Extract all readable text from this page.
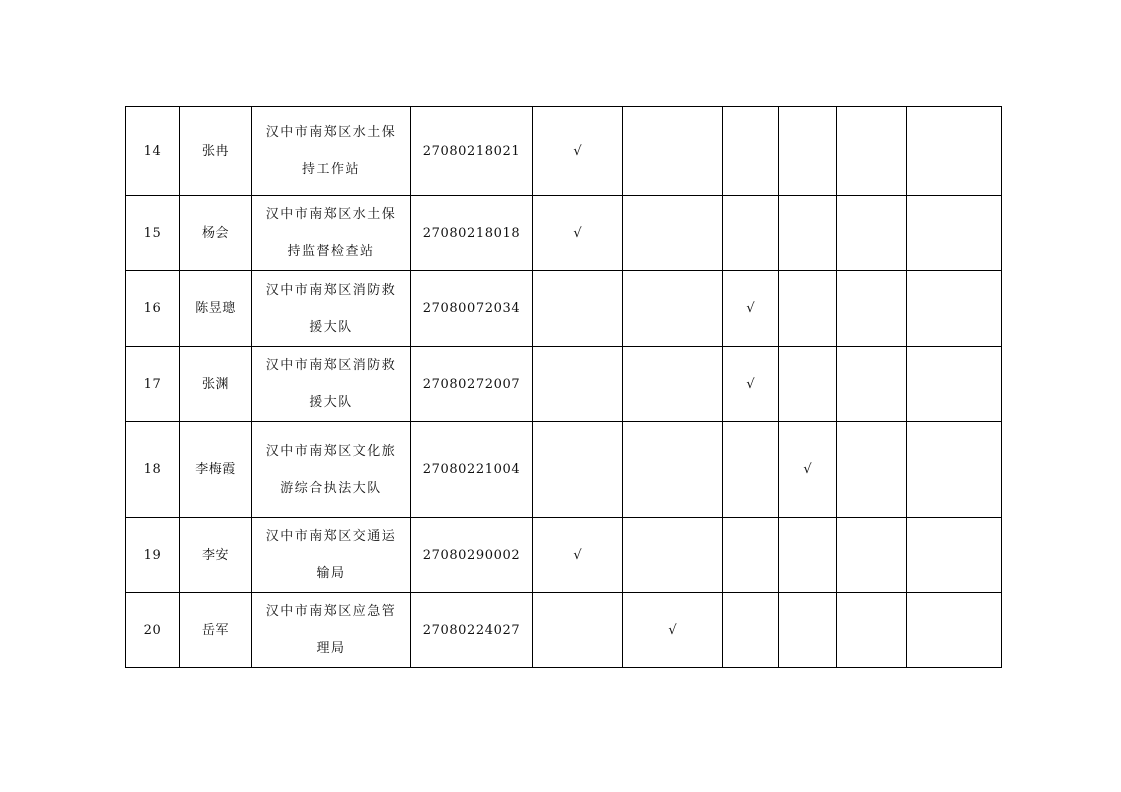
14	张冉	汉中市南郑区水土保
持工作站	27080218021	√					
15	杨会	汉中市南郑区水土保
持监督检查站	27080218018	√					
16	陈昱璁	汉中市南郑区消防救
援大队	27080072034			√			
17	张渊	汉中市南郑区消防救
援大队	27080272007			√			
18	李梅霞	汉中市南郑区文化旅
游综合执法大队	27080221004				√		
19	李安	汉中市南郑区交通运
输局	27080290002	√					
20	岳军	汉中市南郑区应急管
理局	27080224027		√				
